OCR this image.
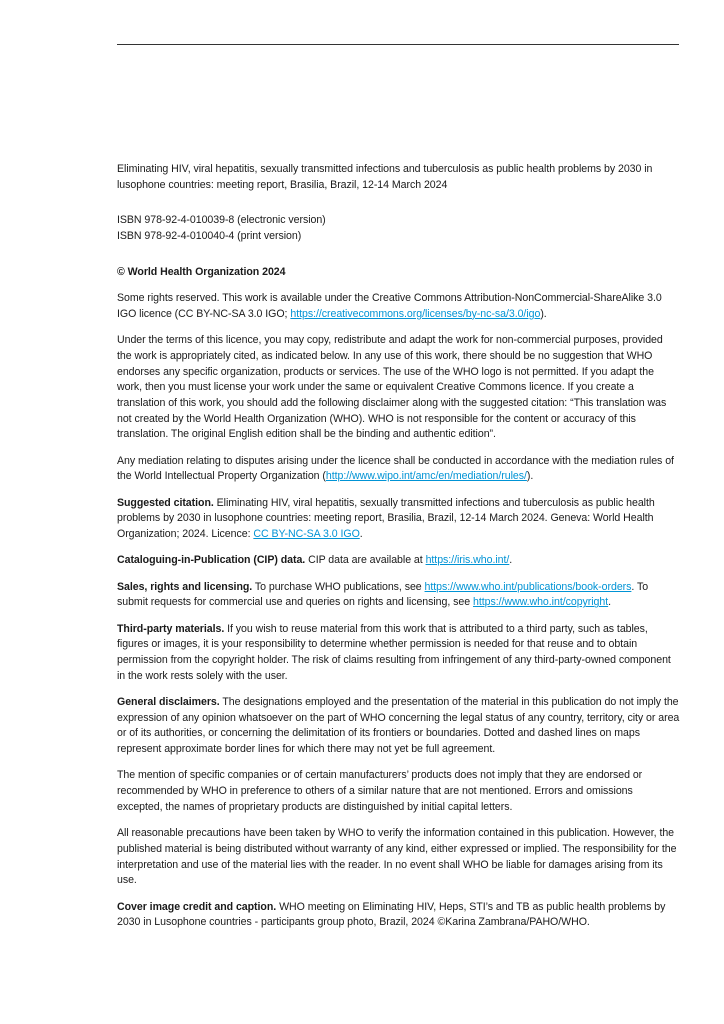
Eliminating HIV, viral hepatitis, sexually transmitted infections and tuberculosis as public health problems by 2030 in lusophone countries: meeting report, Brasilia, Brazil, 12-14 March 2024

ISBN 978-92-4-010039-8 (electronic version)

ISBN 978-92-4-010040-4 (print version)

© World Health Organization 2024

Some rights reserved. This work is available under the Creative Commons Attribution-NonCommercial-ShareAlike 3.0 IGO licence (CC BY-NC-SA 3.0 IGO; https://creativecommons.org/licenses/by-nc-sa/3.0/igo).

Under the terms of this licence, you may copy, redistribute and adapt the work for non-commercial purposes, provided the work is appropriately cited, as indicated below. In any use of this work, there should be no suggestion that WHO endorses any specific organization, products or services. The use of the WHO logo is not permitted. If you adapt the work, then you must license your work under the same or equivalent Creative Commons licence. If you create a translation of this work, you should add the following disclaimer along with the suggested citation: “This translation was not created by the World Health Organization (WHO). WHO is not responsible for the content or accuracy of this translation. The original English edition shall be the binding and authentic edition”.

Any mediation relating to disputes arising under the licence shall be conducted in accordance with the mediation rules of the World Intellectual Property Organization (http://www.wipo.int/amc/en/mediation/rules/).

Suggested citation. Eliminating HIV, viral hepatitis, sexually transmitted infections and tuberculosis as public health problems by 2030 in lusophone countries: meeting report, Brasilia, Brazil, 12-14 March 2024. Geneva: World Health Organization; 2024. Licence: CC BY-NC-SA 3.0 IGO.

Cataloguing-in-Publication (CIP) data. CIP data are available at https://iris.who.int/.

Sales, rights and licensing. To purchase WHO publications, see https://www.who.int/publications/book-orders. To submit requests for commercial use and queries on rights and licensing, see https://www.who.int/copyright.

Third-party materials. If you wish to reuse material from this work that is attributed to a third party, such as tables, figures or images, it is your responsibility to determine whether permission is needed for that reuse and to obtain permission from the copyright holder. The risk of claims resulting from infringement of any third-party-owned component in the work rests solely with the user.

General disclaimers. The designations employed and the presentation of the material in this publication do not imply the expression of any opinion whatsoever on the part of WHO concerning the legal status of any country, territory, city or area or of its authorities, or concerning the delimitation of its frontiers or boundaries. Dotted and dashed lines on maps represent approximate border lines for which there may not yet be full agreement.

The mention of specific companies or of certain manufacturers’ products does not imply that they are endorsed or recommended by WHO in preference to others of a similar nature that are not mentioned. Errors and omissions excepted, the names of proprietary products are distinguished by initial capital letters.

All reasonable precautions have been taken by WHO to verify the information contained in this publication. However, the published material is being distributed without warranty of any kind, either expressed or implied. The responsibility for the interpretation and use of the material lies with the reader. In no event shall WHO be liable for damages arising from its use.

Cover image credit and caption. WHO meeting on Eliminating HIV, Heps, STI’s and TB as public health problems by 2030 in Lusophone countries - participants group photo, Brazil, 2024 ©Karina Zambrana/PAHO/WHO.
